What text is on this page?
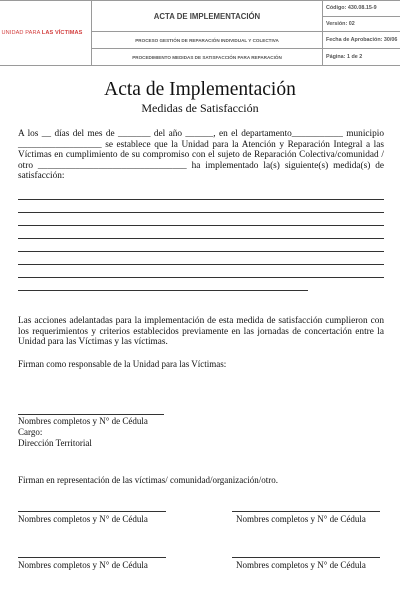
UNIDAD PARA LAS VÍCTIMAS	ACTA DE IMPLEMENTACIÓN	Código: 430.08.15-9
		Versión: 02
	PROCESO GESTIÓN DE REPARACIÓN INDIVIDUAL Y COLECTIVA	Fecha de Aprobación: 30/06
	PROCEDIMIENTO MEDIDAS DE SATISFACCIÓN PARA REPARACIÓN	Página: 1 de 2
Acta de Implementación
Medidas de Satisfacción
A los __ días del mes de _______ del año ______, en el departamento___________ municipio __________________ se establece que la Unidad para la Atención y Reparación Integral a las Víctimas en cumplimiento de su compromiso con el sujeto de Reparación Colectiva/comunidad / otro ________________________________ ha implementado la(s) siguiente(s) medida(s) de satisfacción:
Las acciones adelantadas para la implementación de esta medida de satisfacción cumplieron con los requerimientos y criterios establecidos previamente en las jornadas de concertación entre la Unidad para las Víctimas y las víctimas.
Firman como responsable de la Unidad para las Víctimas:
Nombres completos y N° de Cédula
Cargo:
Dirección Territorial
Firman en representación de las víctimas/ comunidad/organización/otro.
Nombres completos y N° de Cédula	Nombres completos y N° de Cédula
Nombres completos y N° de Cédula	Nombres completos y N° de Cédula
